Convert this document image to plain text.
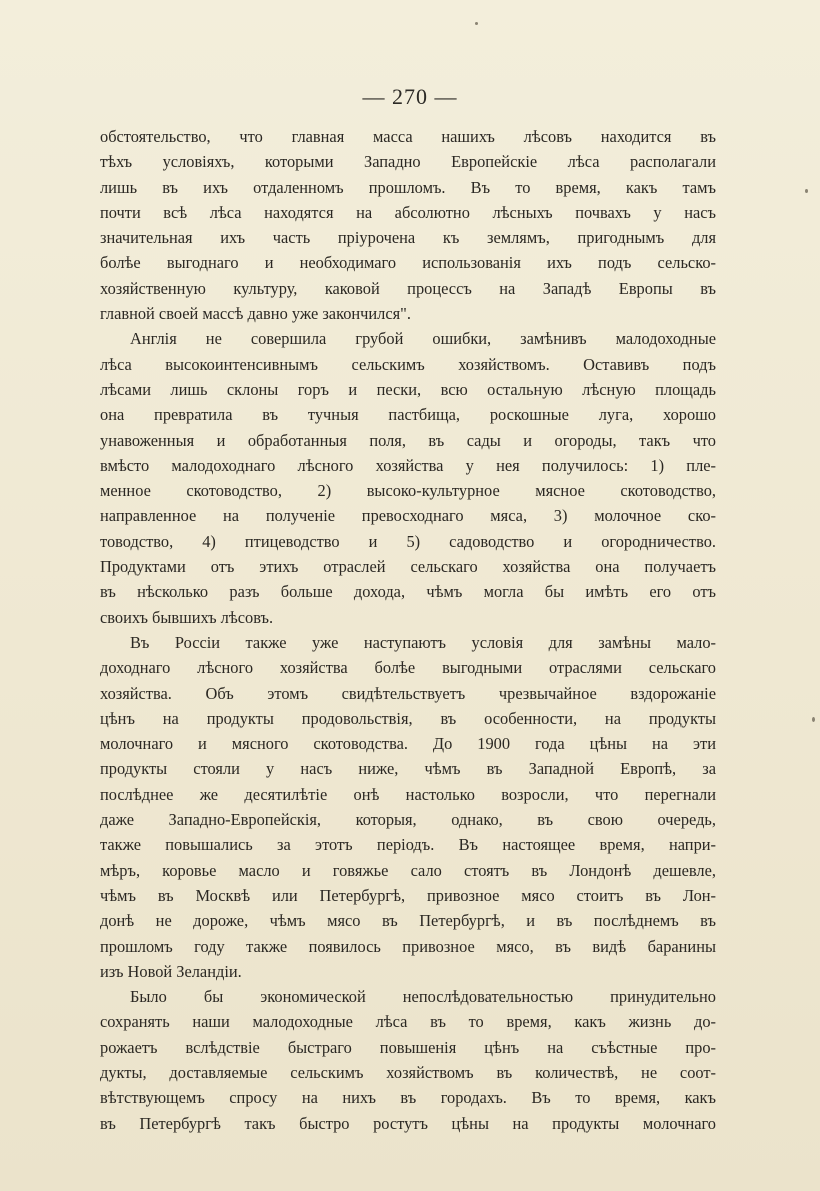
— 270 —
обстоятельство, что главная масса нашихъ лѣсовъ находится въ
тѣхъ условіяхъ, которыми Западно Европейскіе лѣса располагали
лишь въ ихъ отдаленномъ прошломъ. Въ то время, какъ тамъ
почти всѣ лѣса находятся на абсолютно лѣсныхъ почвахъ у насъ
значительная ихъ часть пріурочена къ землямъ, пригоднымъ для
болѣе выгоднаго и необходимаго использованія ихъ подъ сельско-
хозяйственную культуру, каковой процессъ на Западѣ Европы въ
главной своей массѣ давно уже закончился".
Англія не совершила грубой ошибки, замѣнивъ малодоходные
лѣса высокоинтенсивнымъ сельскимъ хозяйствомъ. Оставивъ подъ
лѣсами лишь склоны горъ и пески, всю остальную лѣсную площадь
она превратила въ тучныя пастбища, роскошные луга, хорошо
унавоженныя и обработанныя поля, въ сады и огороды, такъ что
вмѣсто малодоходнаго лѣсного хозяйства у нея получилось: 1) пле-
менное скотоводство, 2) высоко-культурное мясное скотоводство,
направленное на полученіе превосходнаго мяса, 3) молочное ско-
товодство, 4) птицеводство и 5) садоводство и огородничество.
Продуктами отъ этихъ отраслей сельскаго хозяйства она получаетъ
въ нѣсколько разъ больше дохода, чѣмъ могла бы имѣть его отъ
своихъ бывшихъ лѣсовъ.
Въ Россіи также уже наступаютъ условія для замѣны мало-
доходнаго лѣсного хозяйства болѣе выгодными отраслями сельскаго
хозяйства. Объ этомъ свидѣтельствуетъ чрезвычайное вздорожаніе
цѣнъ на продукты продовольствія, въ особенности, на продукты
молочнаго и мясного скотоводства. До 1900 года цѣны на эти
продукты стояли у насъ ниже, чѣмъ въ Западной Европѣ, за
послѣднее же десятилѣтіе онѣ настолько возросли, что перегнали
даже Западно-Европейскія, которыя, однако, въ свою очередь,
также повышались за этотъ періодъ. Въ настоящее время, напри-
мѣръ, коровье масло и говяжье сало стоятъ въ Лондонѣ дешевле,
чѣмъ въ Москвѣ или Петербургѣ, привозное мясо стоитъ въ Лон-
донѣ не дороже, чѣмъ мясо въ Петербургѣ, и въ послѣднемъ въ
прошломъ году также появилось привозное мясо, въ видѣ баранины
изъ Новой Зеландіи.
Было бы экономической непослѣдовательностью принудительно
сохранять наши малодоходные лѣса въ то время, какъ жизнь до-
рожаетъ вслѣдствіе быстраго повышенія цѣнъ на съѣстные про-
дукты, доставляемые сельскимъ хозяйствомъ въ количествѣ, не соот-
вѣтствующемъ спросу на нихъ въ городахъ. Въ то время, какъ
въ Петербургѣ такъ быстро ростутъ цѣны на продукты молочнаго
